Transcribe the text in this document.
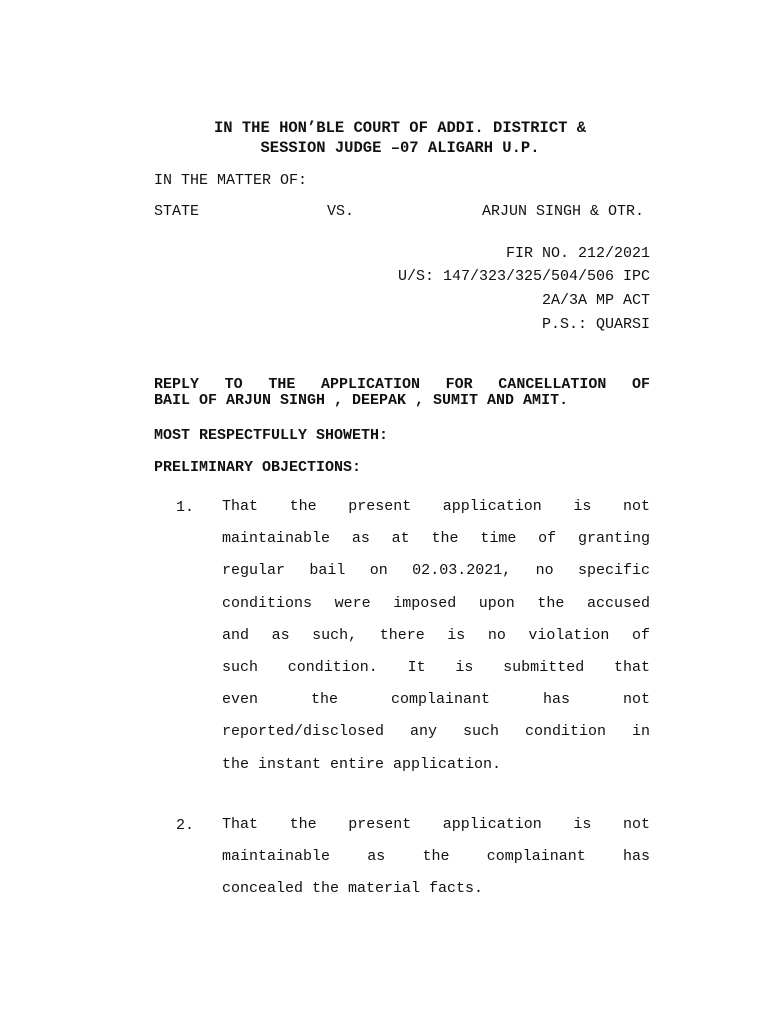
IN THE HON’BLE COURT OF ADDI. DISTRICT &
SESSION JUDGE –07 ALIGARH U.P.
IN THE MATTER OF:
STATE	VS.	ARJUN SINGH & OTR.
FIR NO. 212/2021
U/S: 147/323/325/504/506 IPC
2A/3A MP ACT
P.S.: QUARSI
REPLY TO THE APPLICATION FOR CANCELLATION OF
BAIL OF ARJUN SINGH , DEEPAK , SUMIT AND AMIT.
MOST RESPECTFULLY SHOWETH:
PRELIMINARY OBJECTIONS:
1. That the present application is not
maintainable as at the time of granting
regular bail on 02.03.2021, no specific
conditions were imposed upon the accused
and as such, there is no violation of
such condition. It is submitted that
even the complainant has not
reported/disclosed any such condition in
the instant entire application.
2. That the present application is not
maintainable as the complainant has
concealed the material facts.
